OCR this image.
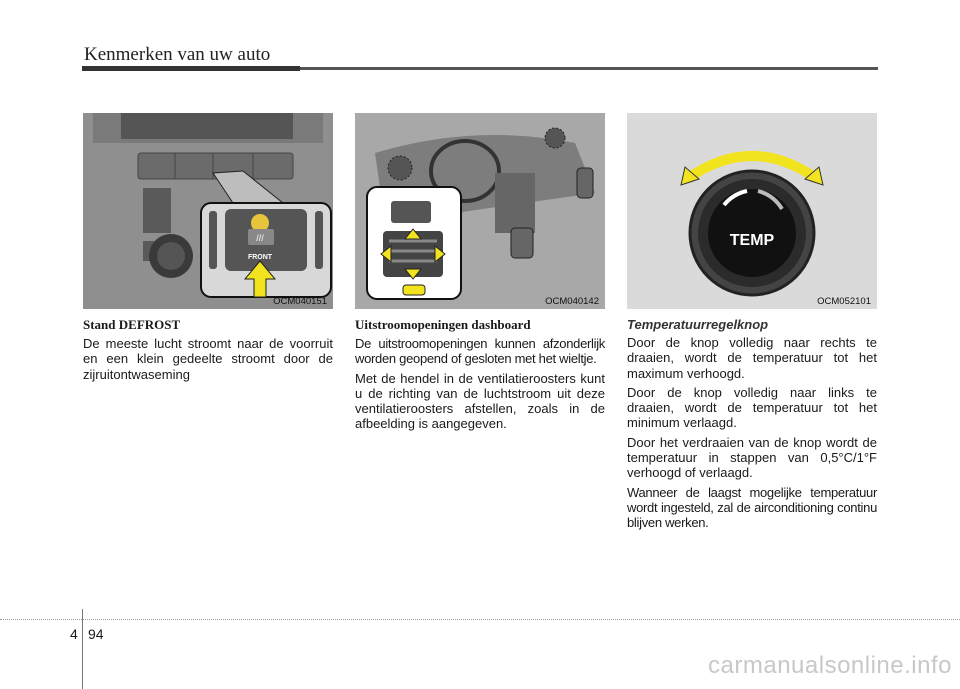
Kenmerken van uw auto
///
FRONT
OCM040151	OCM040142
TEMP
OCM052101
Stand DEFROST

De meeste lucht stroomt naar de voorruit en een klein gedeelte stroomt door de zijruitontwaseming

Uitstroomopeningen dashboard

De uitstroomopeningen kunnen afzonderlijk worden geopend of gesloten met het wieltje.

Met de hendel in de ventilatieroosters kunt u de richting van de luchtstroom uit deze ventilatieroosters afstellen, zoals in de afbeelding is aangegeven.

Temperatuurregelknop

Door de knop volledig naar rechts te draaien, wordt de temperatuur tot het maximum verhoogd.

Door de knop volledig naar links te draaien, wordt de temperatuur tot het minimum verlaagd.

Door het verdraaien van de knop wordt de temperatuur in stappen van 0,5°C/1°F verhoogd of verlaagd.

Wanneer de laagst mogelijke temperatuur wordt ingesteld, zal de airconditioning continu blijven werken.

4 94
carmanualsonline.info
